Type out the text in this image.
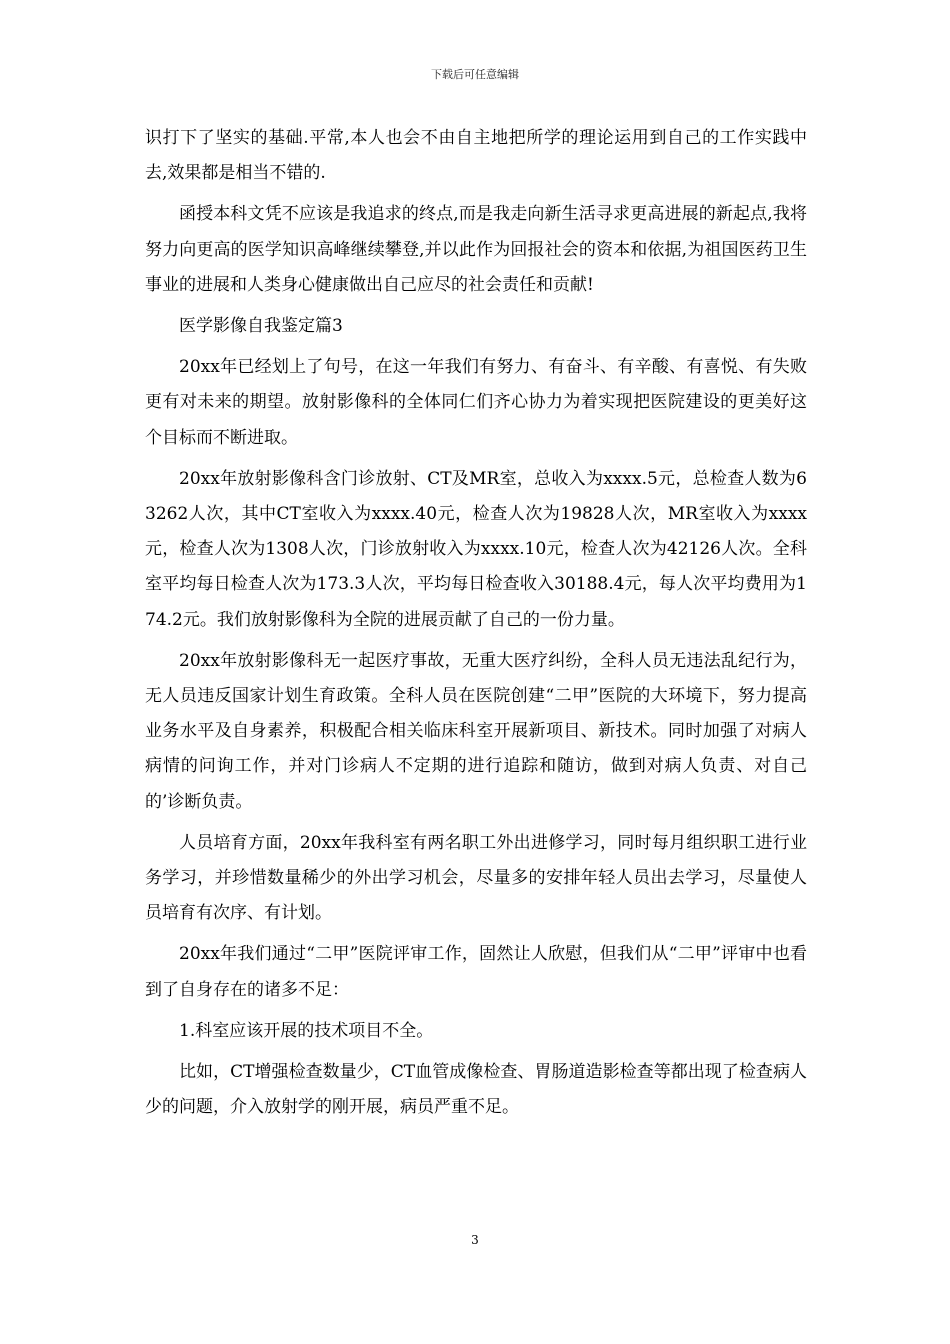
下载后可任意编辑

识打下了坚实的基础.平常,本人也会不由自主地把所学的理论运用到自己的工作实践中去,效果都是相当不错的.

函授本科文凭不应该是我追求的终点,而是我走向新生活寻求更高进展的新起点,我将努力向更高的医学知识高峰继续攀登,并以此作为回报社会的资本和依据,为祖国医药卫生事业的进展和人类身心健康做出自己应尽的社会责任和贡献!

医学影像自我鉴定篇3

20xx年已经划上了句号，在这一年我们有努力、有奋斗、有辛酸、有喜悦、有失败更有对未来的期望。放射影像科的全体同仁们齐心协力为着实现把医院建设的更美好这个目标而不断进取。

20xx年放射影像科含门诊放射、CT及MR室，总收入为xxxx.5元，总检查人数为63262人次，其中CT室收入为xxxx.40元，检查人次为19828人次，MR室收入为xxxx元，检查人次为1308人次，门诊放射收入为xxxx.10元，检查人次为42126人次。全科室平均每日检查人次为173.3人次，平均每日检查收入30188.4元，每人次平均费用为174.2元。我们放射影像科为全院的进展贡献了自己的一份力量。

20xx年放射影像科无一起医疗事故，无重大医疗纠纷，全科人员无违法乱纪行为，无人员违反国家计划生育政策。全科人员在医院创建“二甲”医院的大环境下，努力提高业务水平及自身素养，积极配合相关临床科室开展新项目、新技术。同时加强了对病人病情的问询工作，并对门诊病人不定期的进行追踪和随访，做到对病人负责、对自己的’诊断负责。

人员培育方面，20xx年我科室有两名职工外出进修学习，同时每月组织职工进行业务学习，并珍惜数量稀少的外出学习机会，尽量多的安排年轻人员出去学习，尽量使人员培育有次序、有计划。

20xx年我们通过“二甲”医院评审工作，固然让人欣慰，但我们从“二甲”评审中也看到了自身存在的诸多不足：

1.科室应该开展的技术项目不全。

比如，CT增强检查数量少，CT血管成像检查、胃肠道造影检查等都出现了检查病人少的问题，介入放射学的刚开展，病员严重不足。

3
